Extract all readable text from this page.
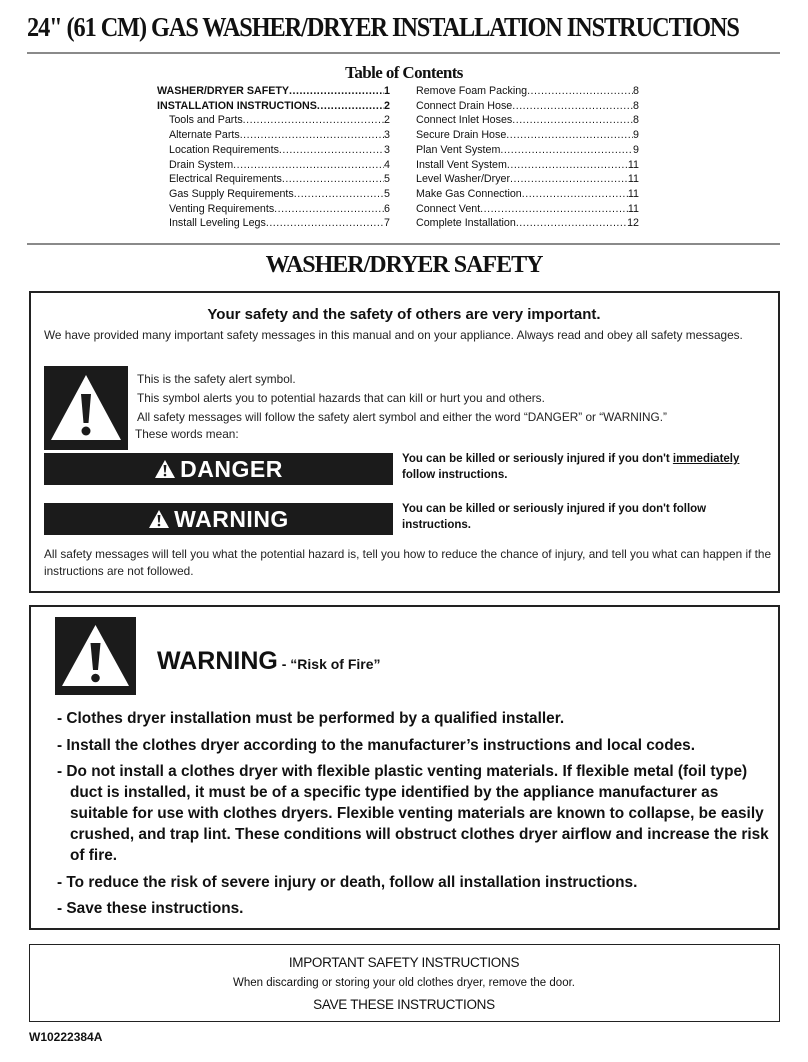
24" (61 CM) GAS WASHER/DRYER INSTALLATION INSTRUCTIONS
Table of Contents
WASHER/DRYER SAFETY .....	1
INSTALLATION INSTRUCTIONS .....	2
Tools and Parts .....	2
Alternate Parts .....	3
Location Requirements .....	3
Drain System .....	4
Electrical Requirements .....	5
Gas Supply Requirements .....	5
Venting Requirements .....	6
Install Leveling Legs .....	7
Remove Foam Packing .....	8
Connect Drain Hose .....	8
Connect Inlet Hoses .....	8
Secure Drain Hose .....	9
Plan Vent System .....	9
Install Vent System .....	11
Level Washer/Dryer .....	11
Make Gas Connection .....	11
Connect Vent .....	11
Complete Installation .....	12
WASHER/DRYER SAFETY
Your safety and the safety of others are very important.
We have provided many important safety messages in this manual and on your appliance. Always read and obey all safety messages.
This is the safety alert symbol.
This symbol alerts you to potential hazards that can kill or hurt you and others.
All safety messages will follow the safety alert symbol and either the word “DANGER” or “WARNING.”
These words mean:
DANGER	You can be killed or seriously injured if you don't immediately
follow instructions.
WARNING	You can be killed or seriously injured if you don't follow instructions.
All safety messages will tell you what the potential hazard is, tell you how to reduce the chance of injury, and tell you what can happen if the instructions are not followed.
WARNING - “Risk of Fire”
- Clothes dryer installation must be performed by a qualified installer.
- Install the clothes dryer according to the manufacturer’s instructions and local codes.
- Do not install a clothes dryer with flexible plastic venting materials. If flexible metal (foil type) duct is installed, it must be of a specific type identified by the appliance manufacturer as suitable for use with clothes dryers. Flexible venting materials are known to collapse, be easily crushed, and trap lint. These conditions will obstruct clothes dryer airflow and increase the risk of fire.
- To reduce the risk of severe injury or death, follow all installation instructions.
- Save these instructions.
IMPORTANT SAFETY INSTRUCTIONS
When discarding or storing your old clothes dryer, remove the door.
SAVE THESE INSTRUCTIONS
W10222384A
